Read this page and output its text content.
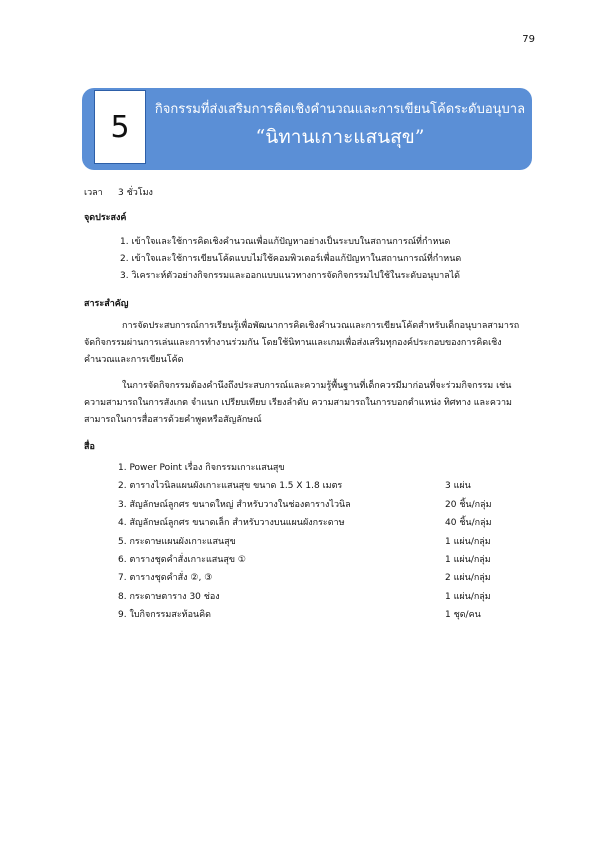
79
5	กิจกรรมที่ส่งเสริมการคิดเชิงคำนวณและการเขียนโค้ดระดับอนุบาล
“นิทานเกาะแสนสุข”
เวลา 3 ชั่วโมง
จุดประสงค์
1. เข้าใจและใช้การคิดเชิงคำนวณเพื่อแก้ปัญหาอย่างเป็นระบบในสถานการณ์ที่กำหนด
2. เข้าใจและใช้การเขียนโค้ดแบบไม่ใช้คอมพิวเตอร์เพื่อแก้ปัญหาในสถานการณ์ที่กำหนด
3. วิเคราะห์ตัวอย่างกิจกรรมและออกแบบแนวทางการจัดกิจกรรมไปใช้ในระดับอนุบาลได้
สาระสำคัญ
การจัดประสบการณ์การเรียนรู้เพื่อพัฒนาการคิดเชิงคำนวณและการเขียนโค้ดสำหรับเด็กอนุบาลสามารถจัดกิจกรรมผ่านการเล่นและการทำงานร่วมกัน โดยใช้นิทานและเกมเพื่อส่งเสริมทุกองค์ประกอบของการคิดเชิงคำนวณและการเขียนโค้ด
ในการจัดกิจกรรมต้องคำนึงถึงประสบการณ์และความรู้พื้นฐานที่เด็กควรมีมาก่อนที่จะร่วมกิจกรรม เช่น ความสามารถในการสังเกต จำแนก เปรียบเทียบ เรียงลำดับ ความสามารถในการบอกตำแหน่ง ทิศทาง และความสามารถในการสื่อสารด้วยคำพูดหรือสัญลักษณ์
สื่อ
1. Power Point เรื่อง กิจกรรมเกาะแสนสุข
2. ตารางไวนิลแผนผังเกาะแสนสุข ขนาด 1.5 X 1.8 เมตร	3 แผ่น
3. สัญลักษณ์ลูกศร ขนาดใหญ่ สำหรับวางในช่องตารางไวนิล	20 ชิ้น/กลุ่ม
4. สัญลักษณ์ลูกศร ขนาดเล็ก สำหรับวางบนแผนผังกระดาษ	40 ชิ้น/กลุ่ม
5. กระดาษแผนผังเกาะแสนสุข	1 แผ่น/กลุ่ม
6. ตารางชุดคำสั่งเกาะแสนสุข ①	1 แผ่น/กลุ่ม
7. ตารางชุดคำสั่ง ②, ③	2 แผ่น/กลุ่ม
8. กระดาษตาราง 30 ช่อง	1 แผ่น/กลุ่ม
9. ใบกิจกรรมสะท้อนคิด	1 ชุด/คน
